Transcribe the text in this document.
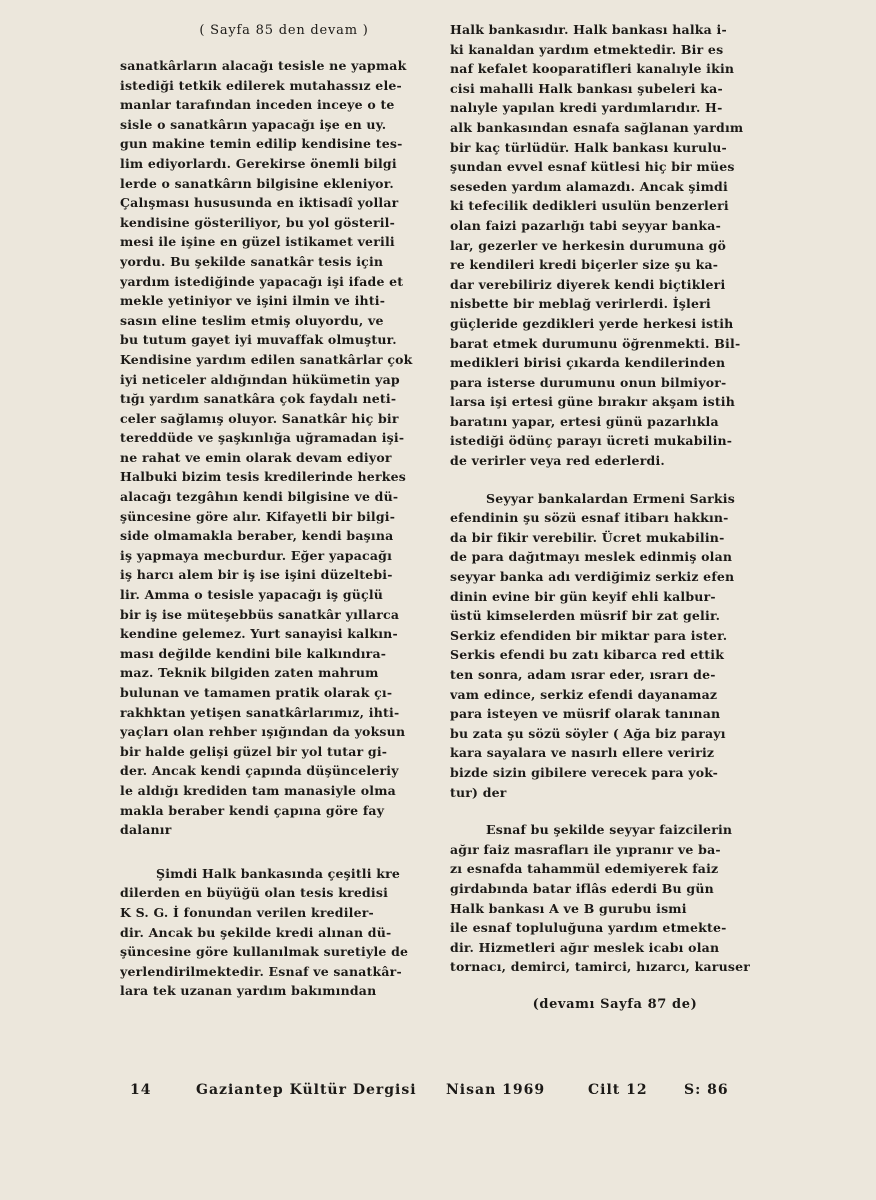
( Sayfa 85 den devam )
sanatkârların alacağı tesisle ne yapmak
istediği tetkik edilerek mutahassız ele-
manlar tarafından inceden inceye o te
sisle o sanatkârın yapacağı işe en uy.
gun makine temin edilip kendisine tes-
lim ediyorlardı. Gerekirse önemli bilgi
lerde o sanatkârın bilgisine ekleniyor.
Çalışması hususunda en iktisadî yollar
kendisine gösteriliyor, bu yol gösteril-
mesi ile işine en güzel istikamet verili
yordu. Bu şekilde sanatkâr tesis için
yardım istediğinde yapacağı işi ifade et
mekle yetiniyor ve işini ilmin ve ihti-
sasın eline teslim etmiş oluyordu, ve
bu tutum gayet iyi muvaffak olmuştur.
Kendisine yardım edilen sanatkârlar çok
iyi neticeler aldığından hükümetin yap
tığı yardım sanatkâra çok faydalı neti-
celer sağlamış oluyor. Sanatkâr hiç bir
tereddüde ve şaşkınlığa uğramadan işi-
ne rahat ve emin olarak devam ediyor
Halbuki bizim tesis kredilerinde herkes
alacağı tezgâhın kendi bilgisine ve dü-
şüncesine göre alır. Kifayetli bir bilgi-
side olmamakla beraber, kendi başına
iş yapmaya mecburdur. Eğer yapacağı
iş harcı alem bir iş ise işini düzeltebi-
lir. Amma o tesisle yapacağı iş güçlü
bir iş ise müteşebbüs sanatkâr yıllarca
kendine gelemez. Yurt sanayisi kalkın-
ması değilde kendini bile kalkındıra-
maz. Teknik bilgiden zaten mahrum
bulunan ve tamamen pratik olarak çı-
rakhktan yetişen sanatkârlarımız, ihti-
yaçları olan rehber ışığından da yoksun
bir halde gelişi güzel bir yol tutar gi-
der. Ancak kendi çapında düşünceleriy
le aldığı krediden tam manasiyle olma
makla beraber kendi çapına göre fay
dalanır
Şimdi Halk bankasında çeşitli kre
dilerden en büyüğü olan tesis kredisi
K S. G. İ fonundan verilen krediler-
dir. Ancak bu şekilde kredi alınan dü-
şüncesine göre kullanılmak suretiyle de
yerlendirilmektedir. Esnaf ve sanatkâr-
lara tek uzanan yardım bakımından
Halk bankasıdır. Halk bankası halka i-
ki kanaldan yardım etmektedir. Bir es
naf kefalet kooparatifleri kanalıyle ikin
cisi mahalli Halk bankası şubeleri ka-
nalıyle yapılan kredi yardımlarıdır. H-
alk bankasından esnafa sağlanan yardım
bir kaç türlüdür. Halk bankası kurulu-
şundan evvel esnaf kütlesi hiç bir mües
seseden yardım alamazdı. Ancak şimdi
ki tefecilik dedikleri usulün benzerleri
olan faizi pazarlığı tabi seyyar banka-
lar, gezerler ve herkesin durumuna gö
re kendileri kredi biçerler size şu ka-
dar verebiliriz diyerek kendi biçtikleri
nisbette bir meblağ verirlerdi. İşleri
güçleride gezdikleri yerde herkesi istih
barat etmek durumunu öğrenmekti. Bil-
medikleri birisi çıkarda kendilerinden
para isterse durumunu onun bilmiyor-
larsa işi ertesi güne bırakır akşam istih
baratını yapar, ertesi günü pazarlıkla
istediği ödünç parayı ücreti mukabilin-
de verirler veya red ederlerdi.
Seyyar bankalardan Ermeni Sarkis
efendinin şu sözü esnaf itibarı hakkın-
da bir fikir verebilir. Ücret mukabilin-
de para dağıtmayı meslek edinmiş olan
seyyar banka adı verdiğimiz serkiz efen
dinin evine bir gün keyif ehli kalbur-
üstü kimselerden müsrif bir zat gelir.
Serkiz efendiden bir miktar para ister.
Serkis efendi bu zatı kibarca red ettik
ten sonra, adam ısrar eder, ısrarı de-
vam edince, serkiz efendi dayanamaz
para isteyen ve müsrif olarak tanınan
bu zata şu sözü söyler ( Ağa biz parayı
kara sayalara ve nasırlı ellere veririz
bizde sizin gibilere verecek para yok-
tur) der
Esnaf bu şekilde seyyar faizcilerin
ağır faiz masrafları ile yıpranır ve ba-
zı esnafda tahammül edemiyerek faiz
girdabında batar iflâs ederdi Bu gün
Halk bankası A ve B gurubu ismi
ile esnaf topluluğuna yardım etmekte-
dir. Hizmetleri ağır meslek icabı olan
tornacı, demirci, tamirci, hızarcı, karuser
(devamı Sayfa 87 de)
14	Gaziantep Kültür Dergisi Nisan 1969	Cilt 12	S: 86
